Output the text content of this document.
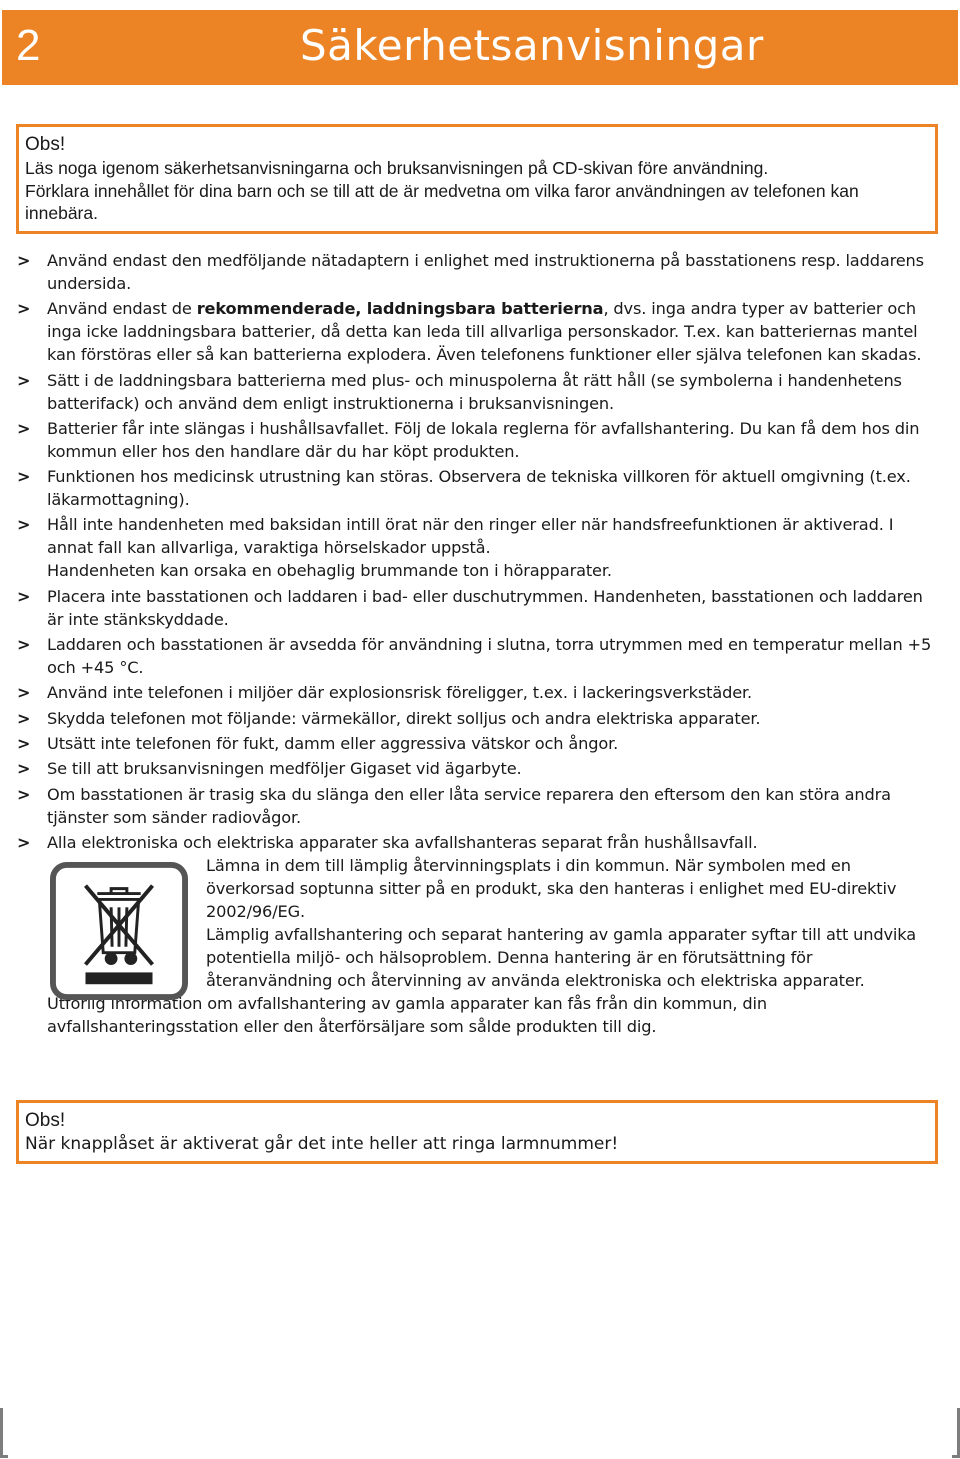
2	Säkerhetsanvisningar
Obs!
Läs noga igenom säkerhetsanvisningarna och bruksanvisningen på CD-skivan före användning.
Förklara innehållet för dina barn och se till att de är medvetna om vilka faror användningen av telefonen kan innebära.
>	Använd endast den medföljande nätadaptern i enlighet med instruktionerna på basstationens resp. laddarens undersida.

>	Använd endast de rekommenderade, laddningsbara batterierna, dvs. inga andra typer av batterier och inga icke laddningsbara batterier, då detta kan leda till allvarliga personskador. T.ex. kan batteriernas mantel kan förstöras eller så kan batterierna explodera. Även telefonens funktioner eller själva telefonen kan skadas.

>	Sätt i de laddningsbara batterierna med plus- och minuspolerna åt rätt håll (se symbolerna i handenhetens batterifack) och använd dem enligt instruktionerna i bruksanvisningen.

>	Batterier får inte slängas i hushållsavfallet. Följ de lokala reglerna för avfallshantering. Du kan få dem hos din kommun eller hos den handlare där du har köpt produkten.

>	Funktionen hos medicinsk utrustning kan störas. Observera de tekniska villkoren för aktuell omgivning (t.ex. läkarmottagning).

>	Håll inte handenheten med baksidan intill örat när den ringer eller när handsfreefunktionen är aktiverad. I annat fall kan allvarliga, varaktiga hörselskador uppstå.

Handenheten kan orsaka en obehaglig brummande ton i hörapparater.

>	Placera inte basstationen och laddaren i bad- eller duschutrymmen. Handenheten, basstationen och laddaren är inte stänkskyddade.

>	Laddaren och basstationen är avsedda för användning i slutna, torra utrymmen med en temperatur mellan +5 och +45 °C.

>	Använd inte telefonen i miljöer där explosionsrisk föreligger, t.ex. i lackeringsverkstäder.

>	Skydda telefonen mot följande: värmekällor, direkt solljus och andra elektriska apparater.

>	Utsätt inte telefonen för fukt, damm eller aggressiva vätskor och ångor.

>	Se till att bruksanvisningen medföljer Gigaset vid ägarbyte.

>	Om basstationen är trasig ska du slänga den eller låta service reparera den eftersom den kan störa andra tjänster som sänder radiovågor.

>	Alla elektroniska och elektriska apparater ska avfallshanteras separat från hushållsavfall.

Lämna in dem till lämplig återvinningsplats i din kommun. När symbolen med en överkorsad soptunna sitter på en produkt, ska den hanteras i enlighet med EU-direktiv 2002/96/EG.

Lämplig avfallshantering och separat hantering av gamla apparater syftar till att undvika potentiella miljö- och hälsoproblem. Denna hantering är en förutsättning för återanvändning och återvinning av använda elektroniska och elektriska apparater.

Utförlig information om avfallshantering av gamla apparater kan fås från din kommun, din avfallshanteringsstation eller den återförsäljare som sålde produkten till dig.

Obs!
När knapplåset är aktiverat går det inte heller att ringa larmnummer!
